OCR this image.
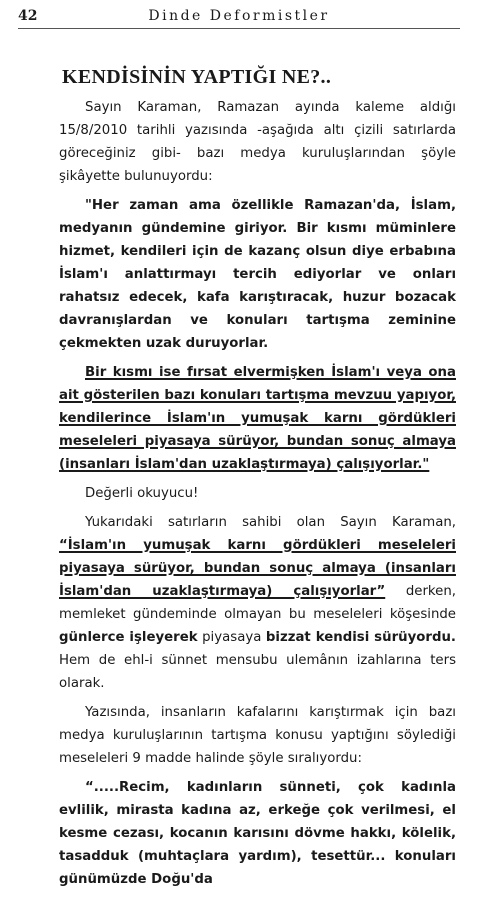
42	Dinde Deformistler
KENDİSİNİN YAPTIĞI NE?..

Sayın Karaman, Ramazan ayında kaleme aldığı 15/8/2010 tarihli yazısında -aşağıda altı çizili satırlarda göreceğiniz gibi- bazı medya kuruluşlarından şöyle şikâyette bulunuyordu:

"Her zaman ama özellikle Ramazan'da, İslam, medyanın gündemine giriyor. Bir kısmı müminlere hizmet, kendileri için de kazanç olsun diye erbabına İslam'ı anlattırmayı tercih ediyorlar ve onları rahatsız edecek, kafa karıştıracak, huzur bozacak davranışlardan ve konuları tartışma zeminine çekmekten uzak duruyorlar.

Bir kısmı ise fırsat elvermişken İslam'ı veya ona ait gösterilen bazı konuları tartışma mevzuu yapıyor, kendilerince İslam'ın yumuşak karnı gördükleri meseleleri piyasaya sürüyor, bundan sonuç almaya (insanları İslam'dan uzaklaştırmaya) çalışıyorlar."

Değerli okuyucu!

Yukarıdaki satırların sahibi olan Sayın Karaman, “İslam'ın yumuşak karnı gördükleri meseleleri piyasaya sürüyor, bundan sonuç almaya (insanları İslam'dan uzaklaştırmaya) çalışıyorlar” derken, memleket gündeminde olmayan bu meseleleri köşesinde günlerce işleyerek piyasaya bizzat kendisi sürüyordu. Hem de ehl-i sünnet mensubu ulemânın izahlarına ters olarak.

Yazısında, insanların kafalarını karıştırmak için bazı medya kuruluşlarının tartışma konusu yaptığını söylediği meseleleri 9 madde halinde şöyle sıralıyordu:

“.....Recim, kadınların sünneti, çok kadınla evlilik, mirasta kadına az, erkeğe çok verilmesi, el kesme cezası, kocanın karısını dövme hakkı, kölelik, tasadduk (muhtaçlara yardım), tesettür... konuları günümüzde Doğu'da
